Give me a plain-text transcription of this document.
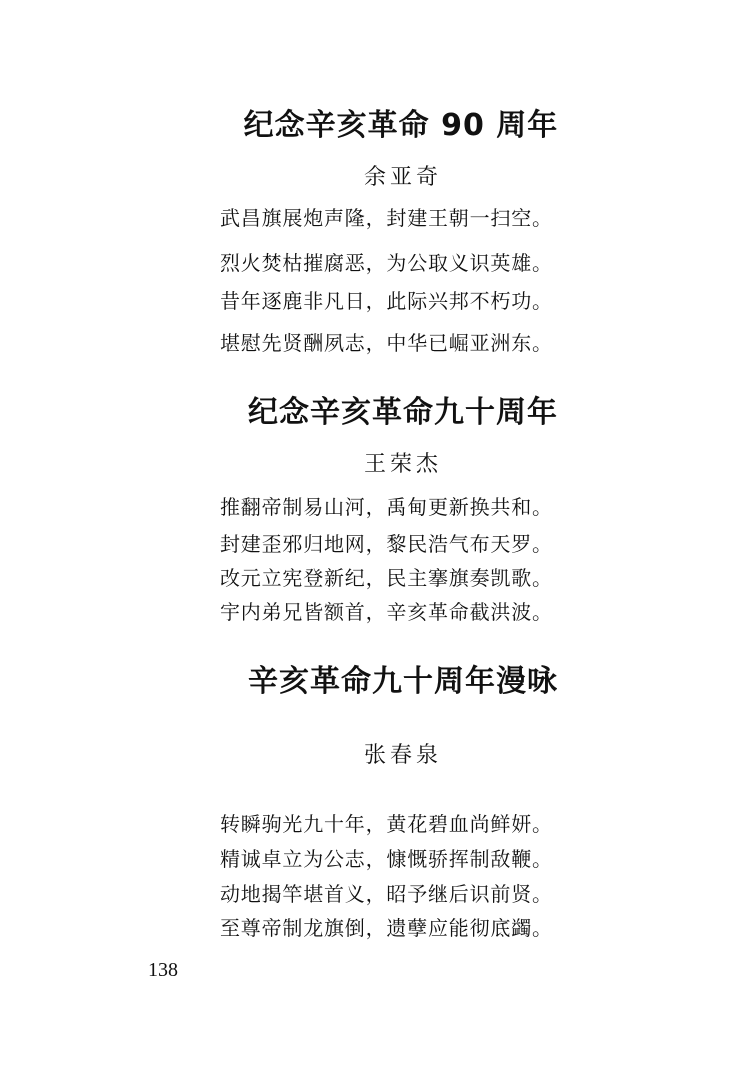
纪念辛亥革命 90 周年
余亚奇
武昌旗展炮声隆，封建王朝一扫空。
烈火焚枯摧腐恶，为公取义识英雄。
昔年逐鹿非凡日，此际兴邦不朽功。
堪慰先贤酬夙志，中华已崛亚洲东。
纪念辛亥革命九十周年
王荣杰
推翻帝制易山河，禹甸更新换共和。
封建歪邪归地网，黎民浩气布天罗。
改元立宪登新纪，民主搴旗奏凯歌。
宇内弟兄皆额首，辛亥革命截洪波。
辛亥革命九十周年漫咏
张春泉
转瞬驹光九十年，黄花碧血尚鲜妍。
精诚卓立为公志，慷慨骄挥制敌鞭。
动地揭竿堪首义，昭予继后识前贤。
至尊帝制龙旗倒，遗孽应能彻底蠲。
138
